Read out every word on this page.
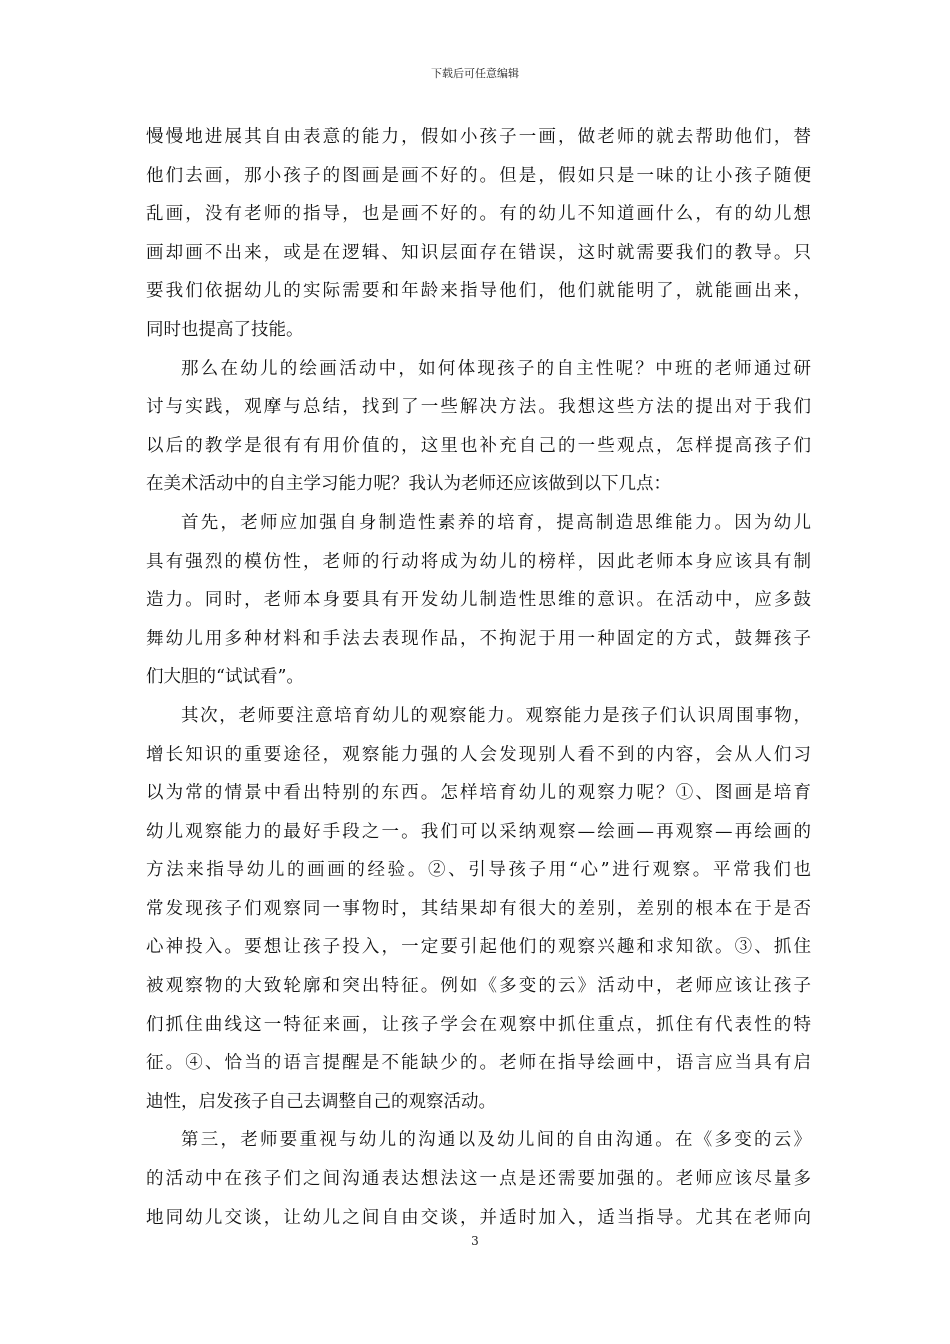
下载后可任意编辑
慢慢地进展其自由表意的能力，假如小孩子一画，做老师的就去帮助他们，替
他们去画，那小孩子的图画是画不好的。但是，假如只是一味的让小孩子随便
乱画，没有老师的指导，也是画不好的。有的幼儿不知道画什么，有的幼儿想
画却画不出来，或是在逻辑、知识层面存在错误，这时就需要我们的教导。只
要我们依据幼儿的实际需要和年龄来指导他们，他们就能明了，就能画出来，
同时也提高了技能。
那么在幼儿的绘画活动中，如何体现孩子的自主性呢？中班的老师通过研
讨与实践，观摩与总结，找到了一些解决方法。我想这些方法的提出对于我们
以后的教学是很有有用价值的，这里也补充自己的一些观点，怎样提高孩子们
在美术活动中的自主学习能力呢？我认为老师还应该做到以下几点：
首先，老师应加强自身制造性素养的培育，提高制造思维能力。因为幼儿
具有强烈的模仿性，老师的行动将成为幼儿的榜样，因此老师本身应该具有制
造力。同时，老师本身要具有开发幼儿制造性思维的意识。在活动中，应多鼓
舞幼儿用多种材料和手法去表现作品，不拘泥于用一种固定的方式，鼓舞孩子
们大胆的“试试看”。
其次，老师要注意培育幼儿的观察能力。观察能力是孩子们认识周围事物，
增长知识的重要途径，观察能力强的人会发现别人看不到的内容，会从人们习
以为常的情景中看出特别的东西。怎样培育幼儿的观察力呢？①、图画是培育
幼儿观察能力的最好手段之一。我们可以采纳观察—绘画—再观察—再绘画的
方法来指导幼儿的画画的经验。②、引导孩子用“心”进行观察。平常我们也
常发现孩子们观察同一事物时，其结果却有很大的差别，差别的根本在于是否
心神投入。要想让孩子投入，一定要引起他们的观察兴趣和求知欲。③、抓住
被观察物的大致轮廓和突出特征。例如《多变的云》活动中，老师应该让孩子
们抓住曲线这一特征来画，让孩子学会在观察中抓住重点，抓住有代表性的特
征。④、恰当的语言提醒是不能缺少的。老师在指导绘画中，语言应当具有启
迪性，启发孩子自己去调整自己的观察活动。
第三，老师要重视与幼儿的沟通以及幼儿间的自由沟通。在《多变的云》
的活动中在孩子们之间沟通表达想法这一点是还需要加强的。老师应该尽量多
地同幼儿交谈，让幼儿之间自由交谈，并适时加入，适当指导。尤其在老师向
3
